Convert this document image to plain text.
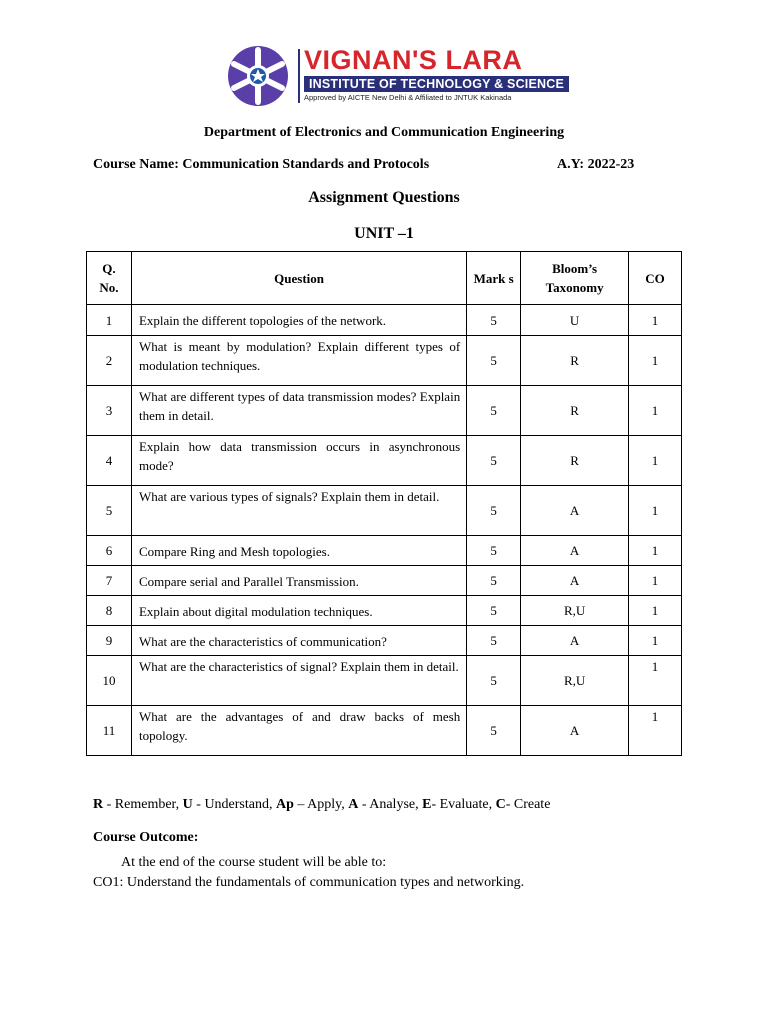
VIGNAN'S LARA
INSTITUTE OF TECHNOLOGY & SCIENCE
Approved by AICTE New Delhi & Affiliated to JNTUK Kakinada
Department of Electronics and Communication Engineering
Course Name: Communication Standards and Protocols	A.Y: 2022-23
Assignment Questions
UNIT –1
Q. No.	Question	Mark s	Bloom’s Taxonomy	CO
1	Explain the different topologies of the network.	5	U	1
2	What is meant by modulation? Explain different types of modulation techniques.	5	R	1
3	What are different types of data transmission modes? Explain them in detail.	5	R	1
4	Explain how data transmission occurs in asynchronous mode?	5	R	1
5	What are various types of signals? Explain them in detail.	5	A	1
6	Compare Ring and Mesh topologies.	5	A	1
7	Compare serial and Parallel Transmission.	5	A	1
8	Explain about digital modulation techniques.	5	R,U	1
9	What are the characteristics of communication?	5	A	1
10	What are the characteristics of signal? Explain them in detail.	5	R,U	1
11	What are the advantages of and draw backs of mesh topology.	5	A	1
R - Remember, U - Understand, Ap – Apply, A - Analyse, E- Evaluate, C- Create
Course Outcome:
At the end of the course student will be able to:
CO1: Understand the fundamentals of communication types and networking.
